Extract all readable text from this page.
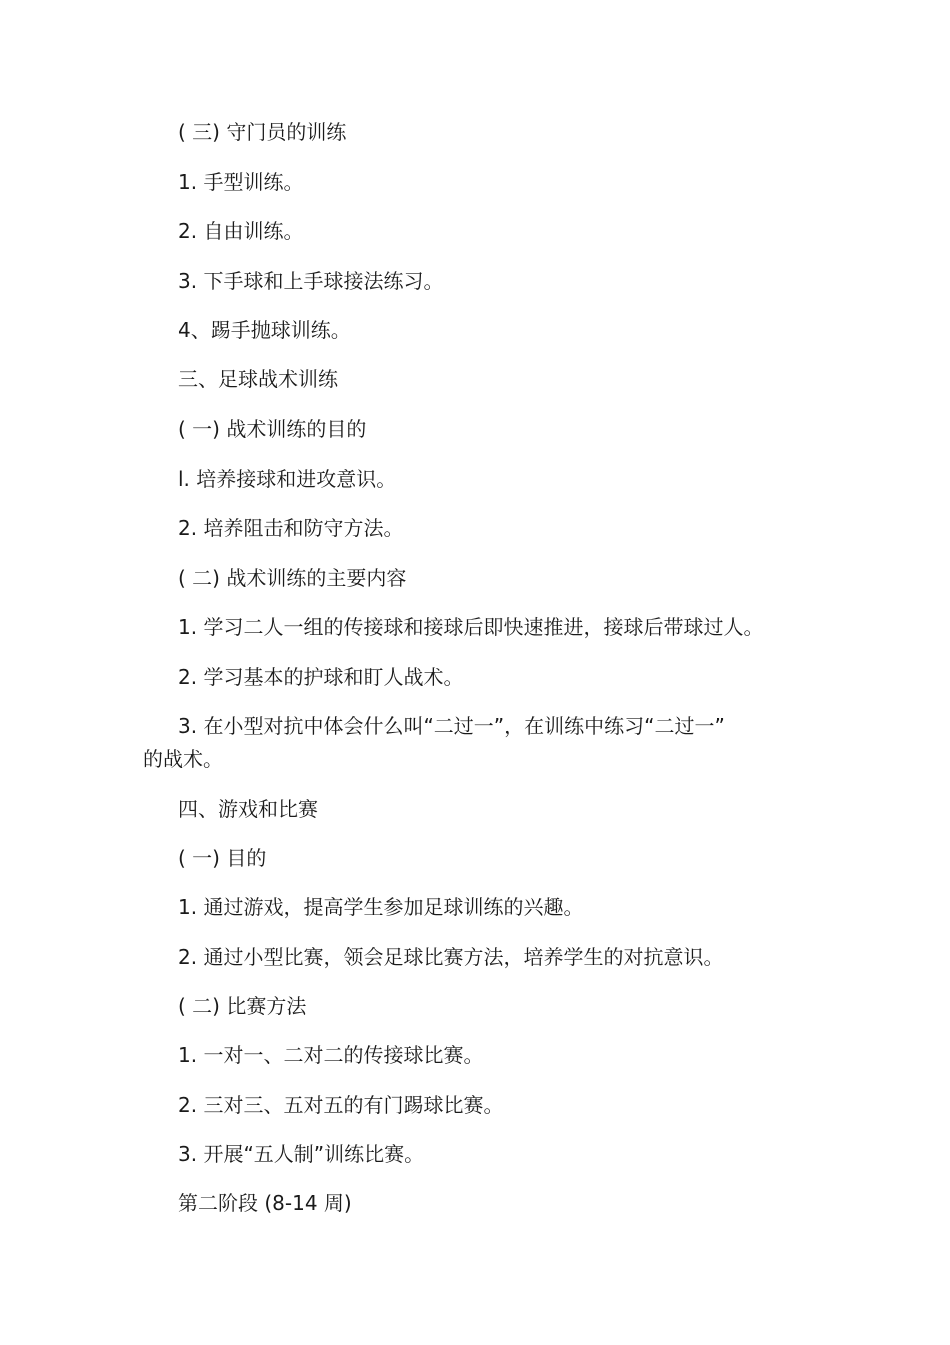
( 三) 守门员的训练
1. 手型训练。
2. 自由训练。
3. 下手球和上手球接法练习。
4、踢手抛球训练。
三、足球战术训练
( 一) 战术训练的目的
l. 培养接球和进攻意识。
2. 培养阻击和防守方法。
( 二) 战术训练的主要内容
1. 学习二人一组的传接球和接球后即快速推进，接球后带球过人。
2. 学习基本的护球和盯人战术。
3. 在小型对抗中体会什么叫“二过一”，在训练中练习“二过一”
的战术。
四、游戏和比赛
( 一) 目的
1. 通过游戏，提高学生参加足球训练的兴趣。
2. 通过小型比赛，领会足球比赛方法，培养学生的对抗意识。
( 二) 比赛方法
1. 一对一、二对二的传接球比赛。
2. 三对三、五对五的有门踢球比赛。
3. 开展“五人制”训练比赛。
第二阶段 (8-14 周)
